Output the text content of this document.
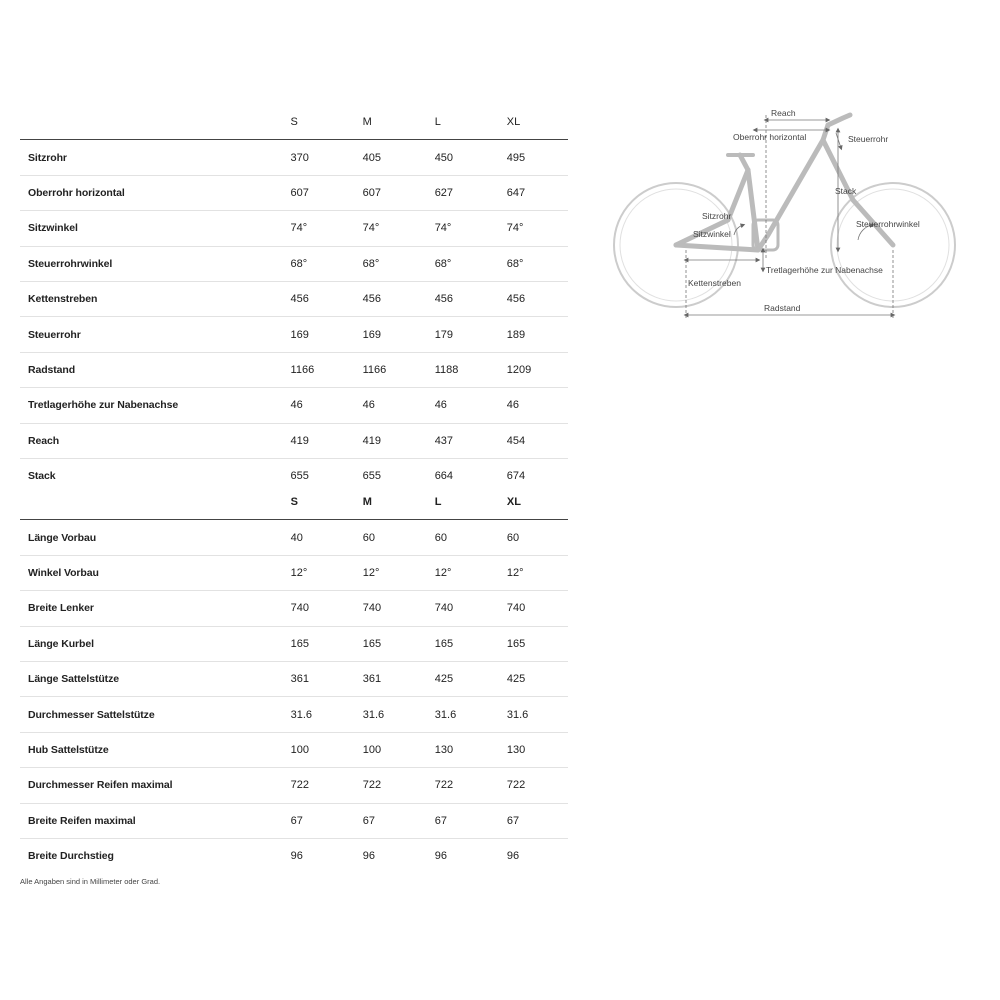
	S	M	L	XL
Sitzrohr	370	405	450	495
Oberrohr horizontal	607	607	627	647
Sitzwinkel	74°	74°	74°	74°
Steuerrohrwinkel	68°	68°	68°	68°
Kettenstreben	456	456	456	456
Steuerrohr	169	169	179	189
Radstand	1166	1166	1188	1209
Tretlagerhöhe zur Nabenachse	46	46	46	46
Reach	419	419	437	454
Stack	655	655	664	674
	S	M	L	XL
Länge Vorbau	40	60	60	60
Winkel Vorbau	12°	12°	12°	12°
Breite Lenker	740	740	740	740
Länge Kurbel	165	165	165	165
Länge Sattelstütze	361	361	425	425
Durchmesser Sattelstütze	31.6	31.6	31.6	31.6
Hub Sattelstütze	100	100	130	130
Durchmesser Reifen maximal	722	722	722	722
Breite Reifen maximal	67	67	67	67
Breite Durchstieg	96	96	96	96
Alle Angaben sind in Millimeter oder Grad.
Reach
Oberrohr horizontal	Steuerrohr
Stack
Sitzrohr
Sitzwinkel
Steuerrohrwinkel
Tretlagerhöhe zur Nabenachse
Kettenstreben
Radstand
